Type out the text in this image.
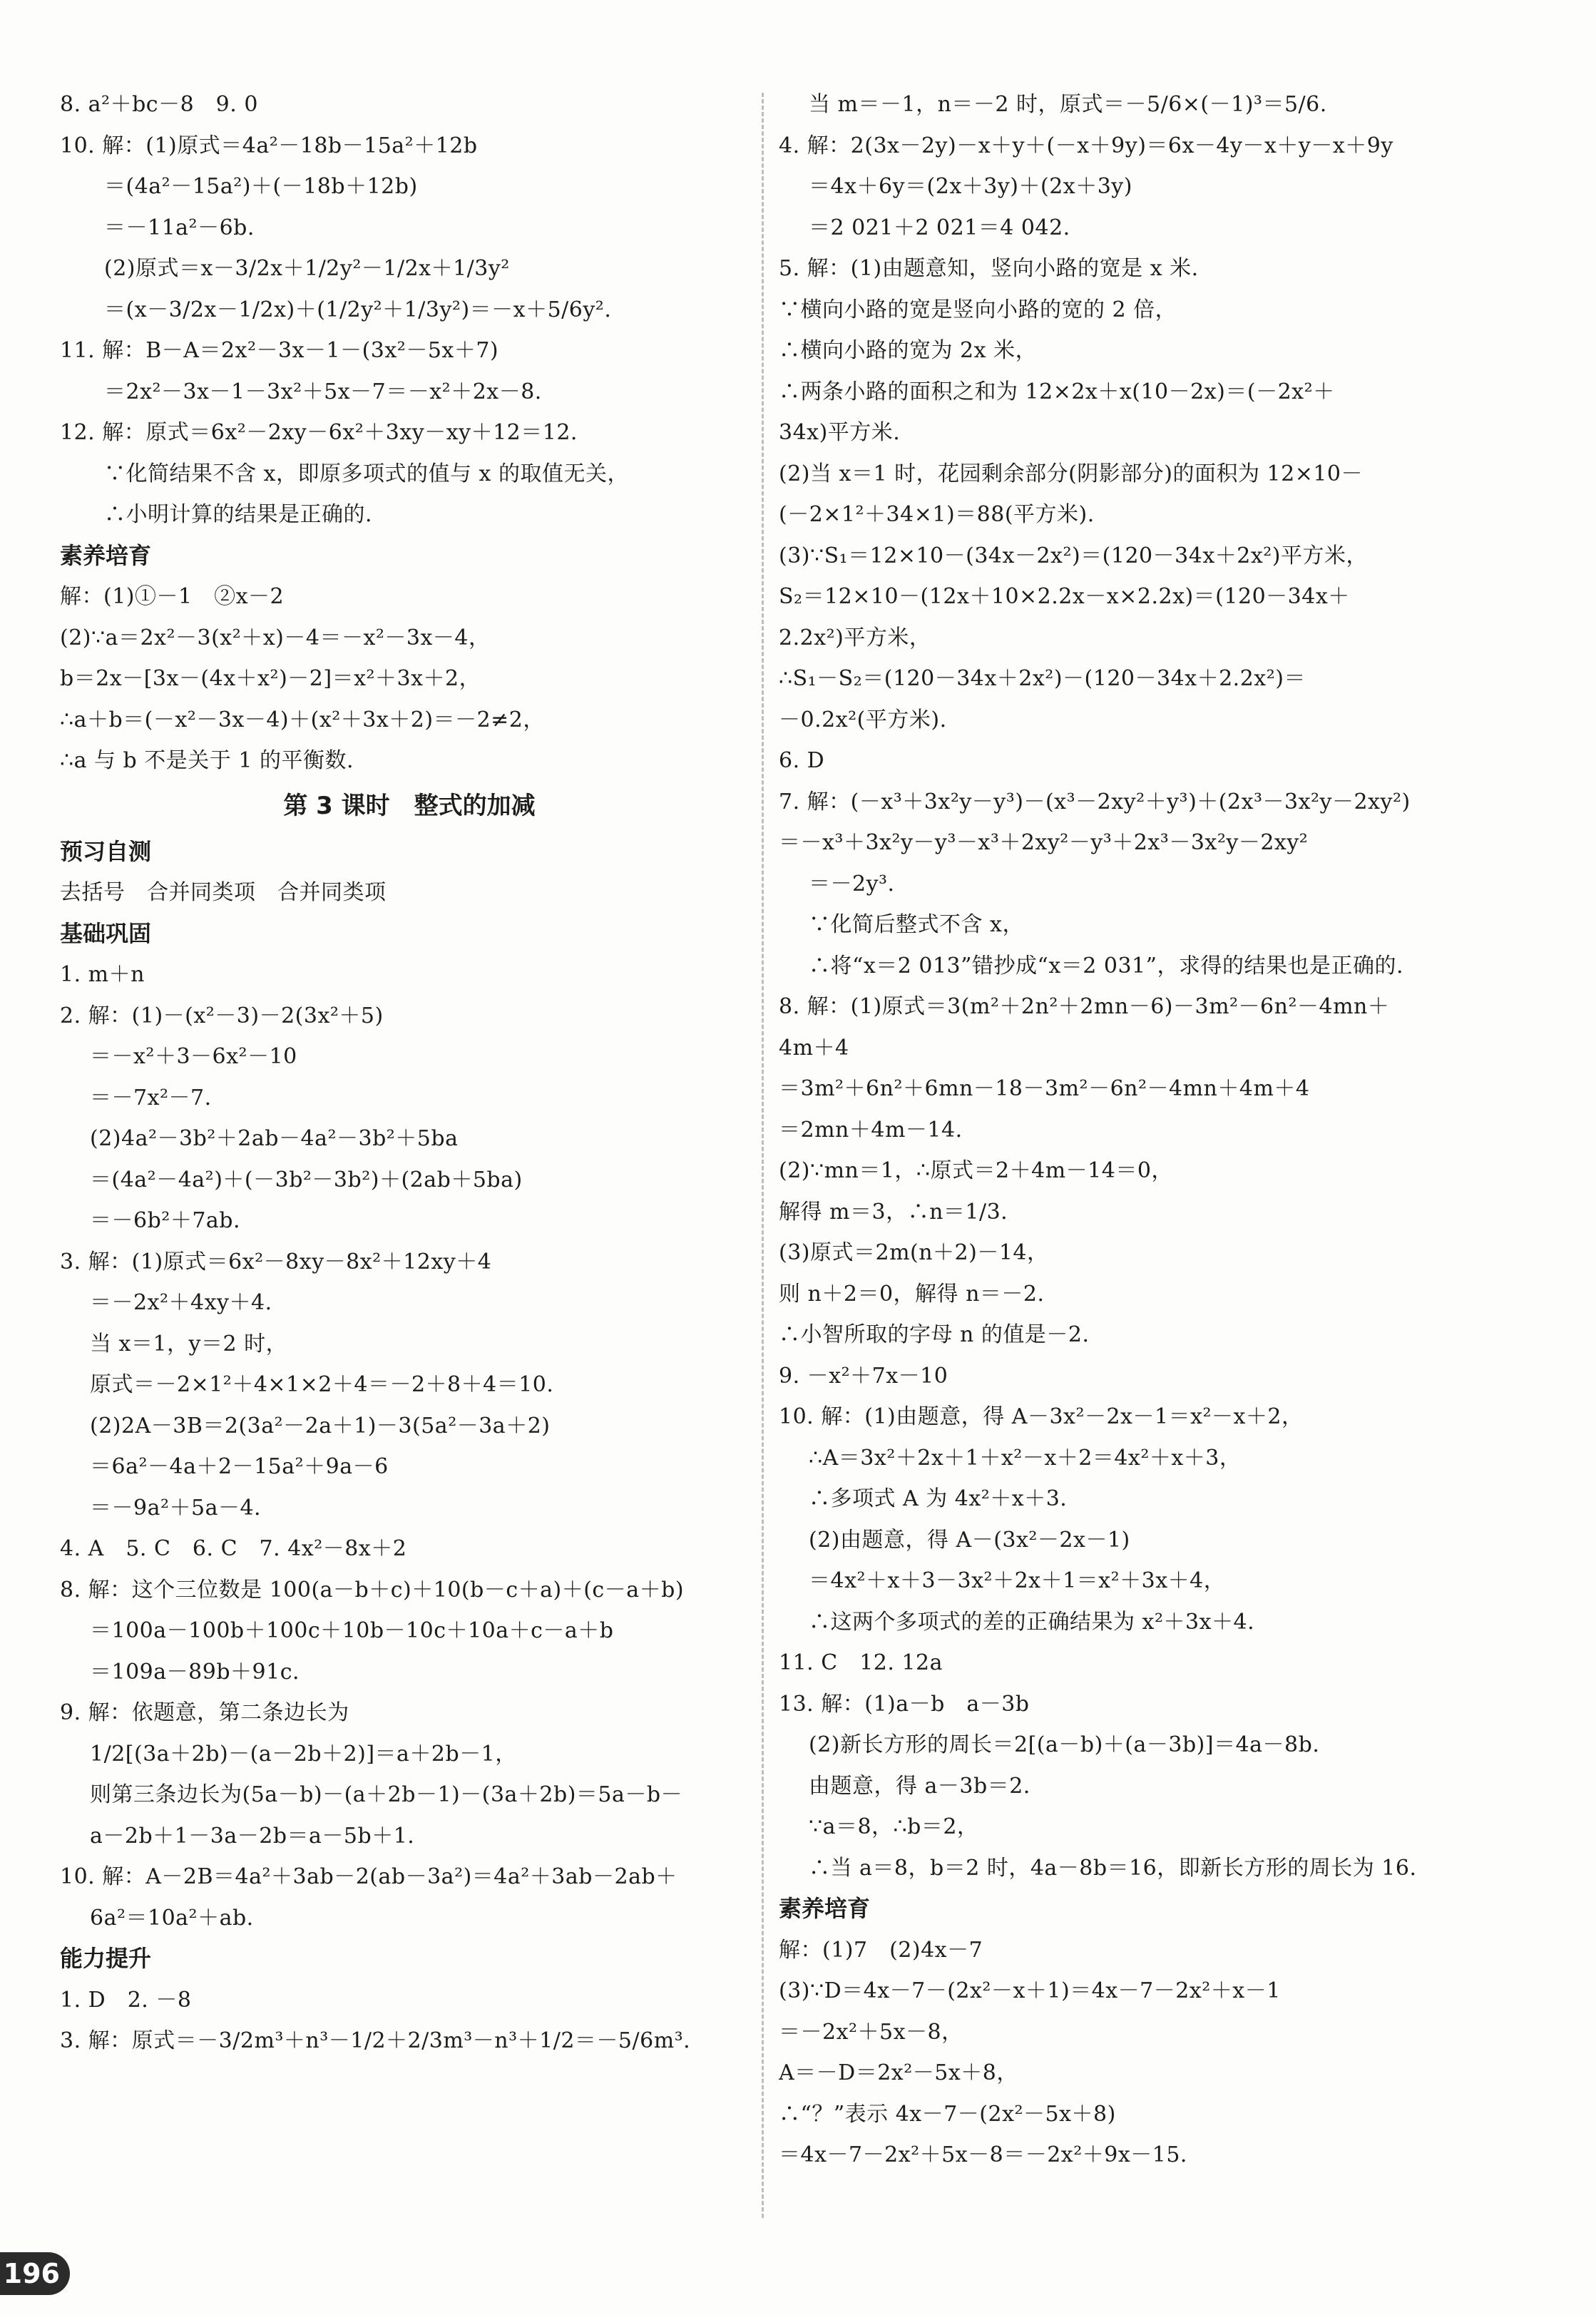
8. a²＋bc－8　9. 0
10. 解：(1)原式＝4a²－18b－15a²＋12b
＝(4a²－15a²)＋(－18b＋12b)
＝－11a²－6b.
(2)原式＝x－3/2x＋1/2y²－1/2x＋1/3y²
＝(x－3/2x－1/2x)＋(1/2y²＋1/3y²)＝－x＋5/6y².
11. 解：B－A＝2x²－3x－1－(3x²－5x＋7)
＝2x²－3x－1－3x²＋5x－7＝－x²＋2x－8.
12. 解：原式＝6x²－2xy－6x²＋3xy－xy＋12＝12.
∵化简结果不含 x，即原多项式的值与 x 的取值无关，
∴小明计算的结果是正确的.
素养培育
解：(1)①－1　②x－2
(2)∵a＝2x²－3(x²＋x)－4＝－x²－3x－4，
b＝2x－[3x－(4x＋x²)－2]＝x²＋3x＋2，
∴a＋b＝(－x²－3x－4)＋(x²＋3x＋2)＝－2≠2，
∴a 与 b 不是关于 1 的平衡数.
第 3 课时　整式的加减
预习自测
去括号　合并同类项　合并同类项
基础巩固
1. m＋n
2. 解：(1)－(x²－3)－2(3x²＋5)
＝－x²＋3－6x²－10
＝－7x²－7.
(2)4a²－3b²＋2ab－4a²－3b²＋5ba
＝(4a²－4a²)＋(－3b²－3b²)＋(2ab＋5ba)
＝－6b²＋7ab.
3. 解：(1)原式＝6x²－8xy－8x²＋12xy＋4
＝－2x²＋4xy＋4.
当 x＝1，y＝2 时，
原式＝－2×1²＋4×1×2＋4＝－2＋8＋4＝10.
(2)2A－3B＝2(3a²－2a＋1)－3(5a²－3a＋2)
＝6a²－4a＋2－15a²＋9a－6
＝－9a²＋5a－4.
4. A　5. C　6. C　7. 4x²－8x＋2
8. 解：这个三位数是 100(a－b＋c)＋10(b－c＋a)＋(c－a＋b)
＝100a－100b＋100c＋10b－10c＋10a＋c－a＋b
＝109a－89b＋91c.
9. 解：依题意，第二条边长为
1/2[(3a＋2b)－(a－2b＋2)]＝a＋2b－1，
则第三条边长为(5a－b)－(a＋2b－1)－(3a＋2b)＝5a－b－
a－2b＋1－3a－2b＝a－5b＋1.
10. 解：A－2B＝4a²＋3ab－2(ab－3a²)＝4a²＋3ab－2ab＋
6a²＝10a²＋ab.
能力提升
1. D　2. －8
3. 解：原式＝－3/2m³＋n³－1/2＋2/3m³－n³＋1/2＝－5/6m³.
当 m＝－1，n＝－2 时，原式＝－5/6×(－1)³＝5/6.
4. 解：2(3x－2y)－x＋y＋(－x＋9y)＝6x－4y－x＋y－x＋9y
＝4x＋6y＝(2x＋3y)＋(2x＋3y)
＝2 021＋2 021＝4 042.
5. 解：(1)由题意知，竖向小路的宽是 x 米.
∵横向小路的宽是竖向小路的宽的 2 倍，
∴横向小路的宽为 2x 米，
∴两条小路的面积之和为 12×2x＋x(10－2x)＝(－2x²＋
34x)平方米.
(2)当 x＝1 时，花园剩余部分(阴影部分)的面积为 12×10－
(－2×1²＋34×1)＝88(平方米).
(3)∵S₁＝12×10－(34x－2x²)＝(120－34x＋2x²)平方米，
S₂＝12×10－(12x＋10×2.2x－x×2.2x)＝(120－34x＋
2.2x²)平方米，
∴S₁－S₂＝(120－34x＋2x²)－(120－34x＋2.2x²)＝
－0.2x²(平方米).
6. D
7. 解：(－x³＋3x²y－y³)－(x³－2xy²＋y³)＋(2x³－3x²y－2xy²)
＝－x³＋3x²y－y³－x³＋2xy²－y³＋2x³－3x²y－2xy²
＝－2y³.
∵化简后整式不含 x，
∴将“x＝2 013”错抄成“x＝2 031”，求得的结果也是正确的.
8. 解：(1)原式＝3(m²＋2n²＋2mn－6)－3m²－6n²－4mn＋
4m＋4
＝3m²＋6n²＋6mn－18－3m²－6n²－4mn＋4m＋4
＝2mn＋4m－14.
(2)∵mn＝1，∴原式＝2＋4m－14＝0，
解得 m＝3，∴n＝1/3.
(3)原式＝2m(n＋2)－14，
则 n＋2＝0，解得 n＝－2.
∴小智所取的字母 n 的值是－2.
9. －x²＋7x－10
10. 解：(1)由题意，得 A－3x²－2x－1＝x²－x＋2，
∴A＝3x²＋2x＋1＋x²－x＋2＝4x²＋x＋3，
∴多项式 A 为 4x²＋x＋3.
(2)由题意，得 A－(3x²－2x－1)
＝4x²＋x＋3－3x²＋2x＋1＝x²＋3x＋4，
∴这两个多项式的差的正确结果为 x²＋3x＋4.
11. C　12. 12a
13. 解：(1)a－b　a－3b
(2)新长方形的周长＝2[(a－b)＋(a－3b)]＝4a－8b.
由题意，得 a－3b＝2.
∵a＝8，∴b＝2，
∴当 a＝8，b＝2 时，4a－8b＝16，即新长方形的周长为 16.
素养培育
解：(1)7　(2)4x－7
(3)∵D＝4x－7－(2x²－x＋1)＝4x－7－2x²＋x－1
＝－2x²＋5x－8，
A＝－D＝2x²－5x＋8，
∴“？”表示 4x－7－(2x²－5x＋8)
＝4x－7－2x²＋5x－8＝－2x²＋9x－15.
196
